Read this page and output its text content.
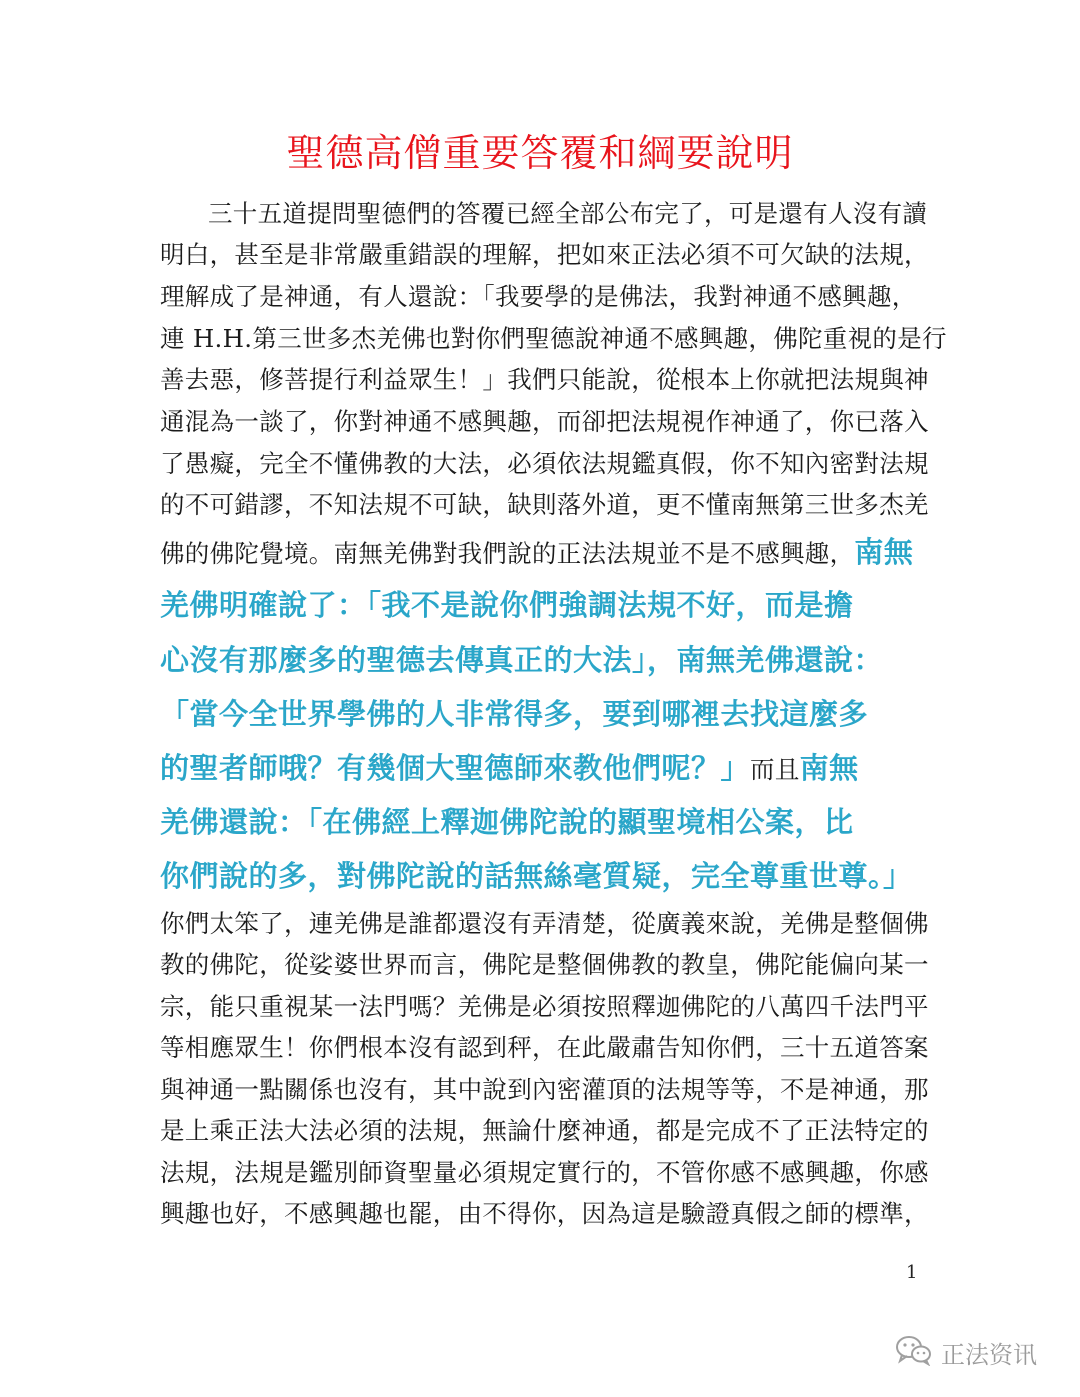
聖德高僧重要答覆和綱要說明
三十五道提問聖德們的答覆已經全部公布完了，可是還有人沒有讀
明白，甚至是非常嚴重錯誤的理解，把如來正法必須不可欠缺的法規，
理解成了是神通，有人還說：「我要學的是佛法，我對神通不感興趣，
連 H.H.第三世多杰羌佛也對你們聖德說神通不感興趣，佛陀重視的是行
善去惡，修菩提行利益眾生！」我們只能說，從根本上你就把法規與神
通混為一談了，你對神通不感興趣，而卻把法規視作神通了，你已落入
了愚癡，完全不懂佛教的大法，必須依法規鑑真假，你不知內密對法規
的不可錯謬，不知法規不可缺，缺則落外道，更不懂南無第三世多杰羌
佛的佛陀覺境。南無羌佛對我們說的正法法規並不是不感興趣，南無
羌佛明確說了：「我不是說你們強調法規不好，而是擔
心沒有那麼多的聖德去傳真正的大法」，南無羌佛還說：
「當今全世界學佛的人非常得多，要到哪裡去找這麼多
的聖者師哦？有幾個大聖德師來教他們呢？」而且南無
羌佛還說：「在佛經上釋迦佛陀說的顯聖境相公案，比
你們說的多，對佛陀說的話無絲毫質疑，完全尊重世尊。」
你們太笨了，連羌佛是誰都還沒有弄清楚，從廣義來說，羌佛是整個佛
教的佛陀，從娑婆世界而言，佛陀是整個佛教的教皇，佛陀能偏向某一
宗，能只重視某一法門嗎？羌佛是必須按照釋迦佛陀的八萬四千法門平
等相應眾生！你們根本沒有認到秤，在此嚴肅告知你們，三十五道答案
與神通一點關係也沒有，其中說到內密灌頂的法規等等，不是神通，那
是上乘正法大法必須的法規，無論什麼神通，都是完成不了正法特定的
法規，法規是鑑別師資聖量必須規定實行的，不管你感不感興趣，你感
興趣也好，不感興趣也罷，由不得你，因為這是驗證真假之師的標準，
1
正法资讯
